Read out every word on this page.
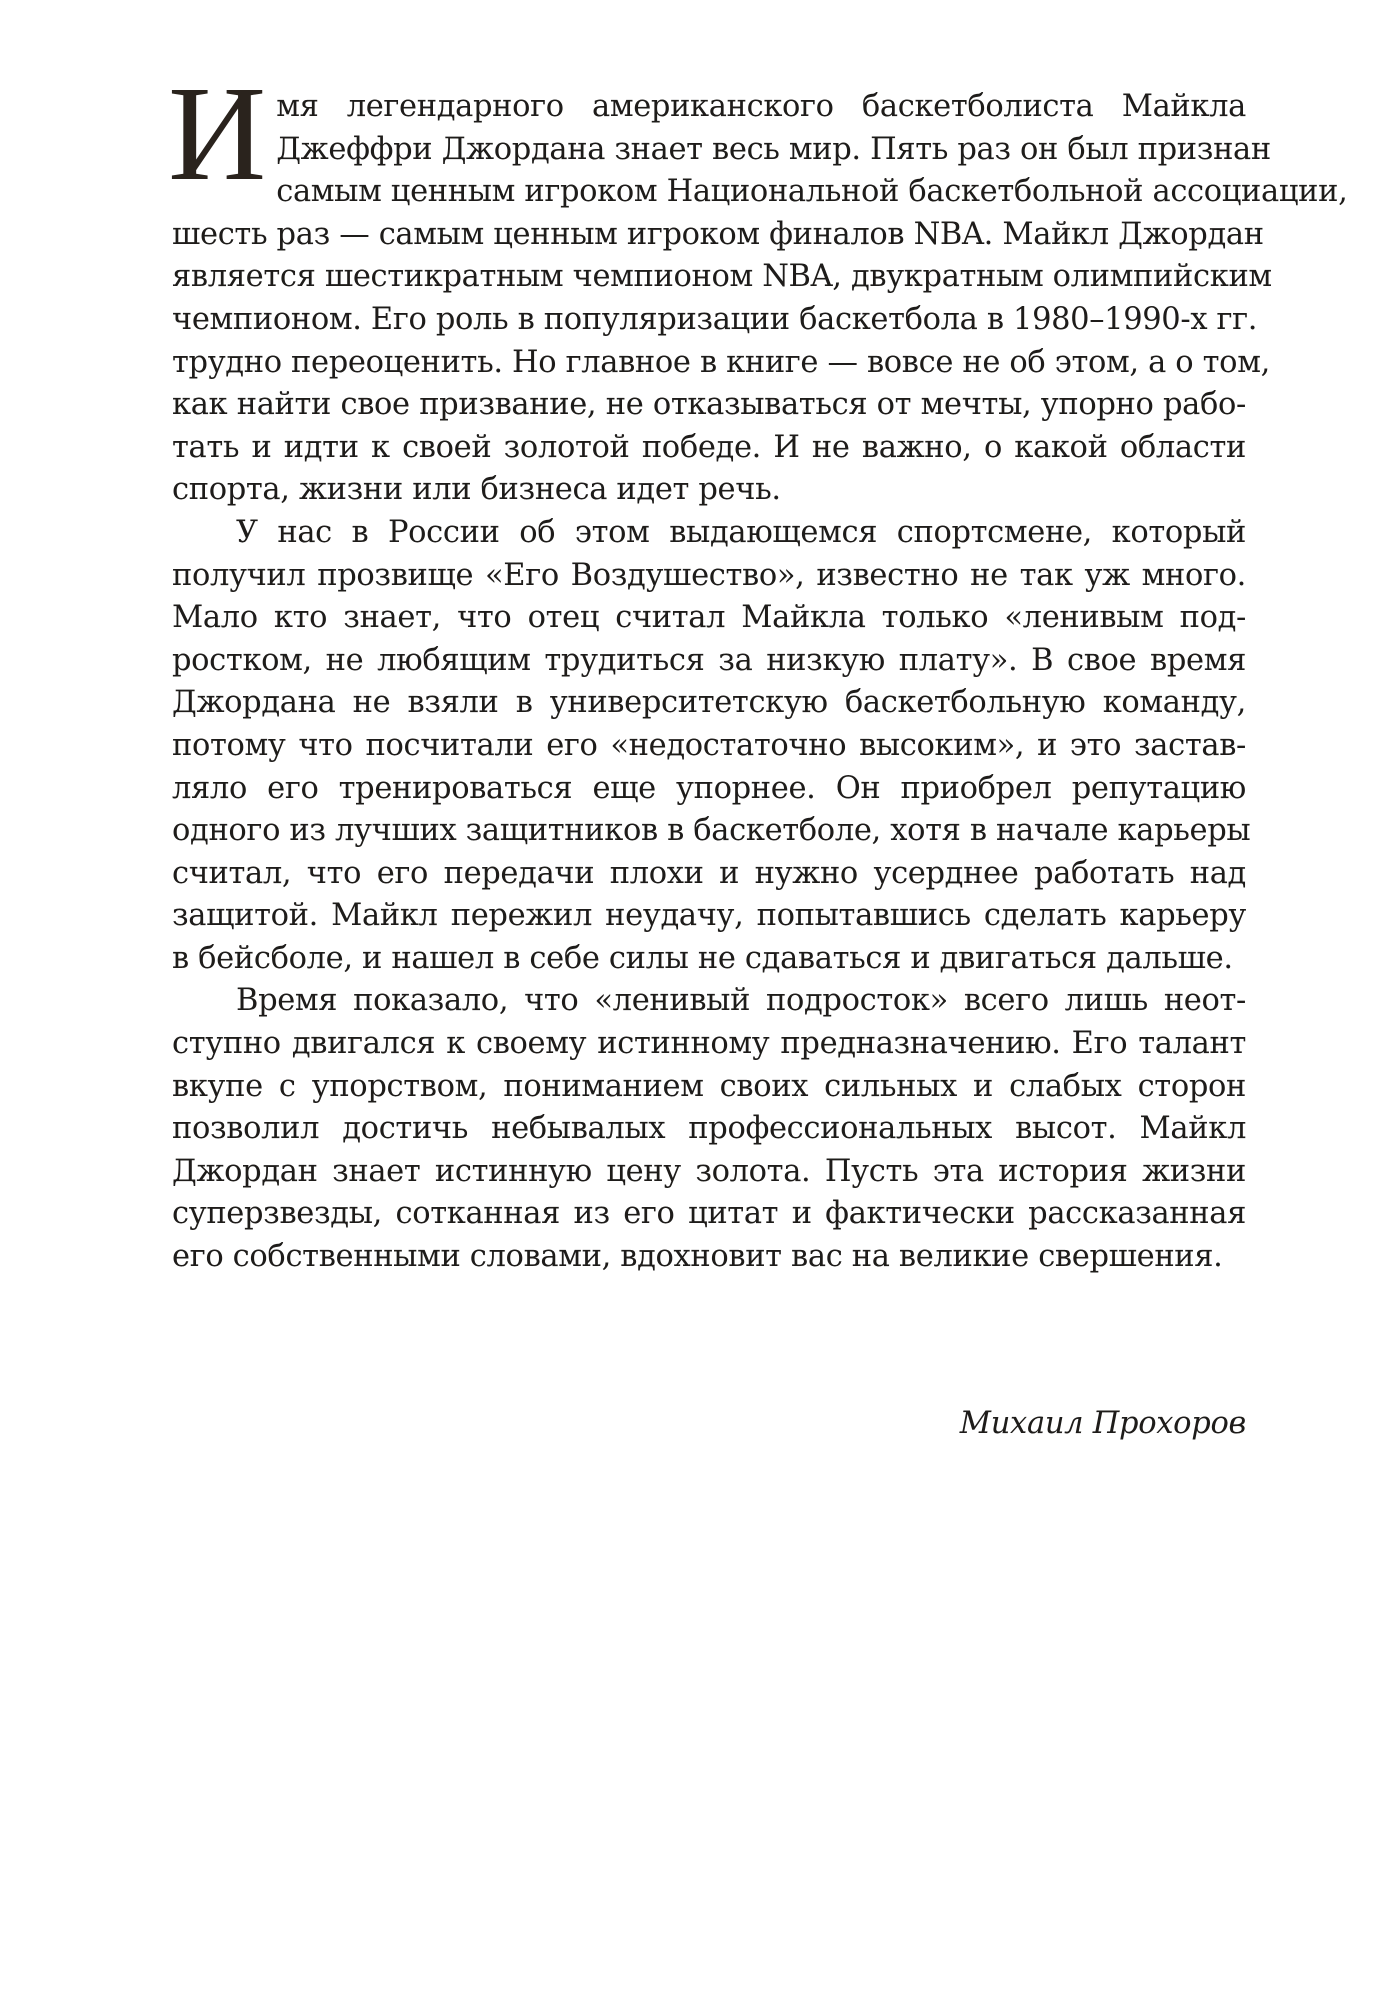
И мя легендарного американского баскетболиста Майкла
Джеффри Джордана знает весь мир. Пять раз он был признан
самым ценным игроком Национальной баскетбольной ассоциации,
шесть раз — самым ценным игроком финалов NBA. Майкл Джордан
является шестикратным чемпионом NBA, двукратным олимпийским
чемпионом. Его роль в популяризации баскетбола в 1980–1990-х гг.
трудно переоценить. Но главное в книге — вовсе не об этом, а о том,
как найти свое призвание, не отказываться от мечты, упорно рабо-
тать и идти к своей золотой победе. И не важно, о какой области
спорта, жизни или бизнеса идет речь.
У нас в России об этом выдающемся спортсмене, который
получил прозвище «Его Воздушество», известно не так уж много.
Мало кто знает, что отец считал Майкла только «ленивым под-
ростком, не любящим трудиться за низкую плату». В свое время
Джордана не взяли в университетскую баскетбольную команду,
потому что посчитали его «недостаточно высоким», и это застав-
ляло его тренироваться еще упорнее. Он приобрел репутацию
одного из лучших защитников в баскетболе, хотя в начале карьеры
считал, что его передачи плохи и нужно усерднее работать над
защитой. Майкл пережил неудачу, попытавшись сделать карьеру
в бейсболе, и нашел в себе силы не сдаваться и двигаться дальше.
Время показало, что «ленивый подросток» всего лишь неот-
ступно двигался к своему истинному предназначению. Его талант
вкупе с упорством, пониманием своих сильных и слабых сторон
позволил достичь небывалых профессиональных высот. Майкл
Джордан знает истинную цену золота. Пусть эта история жизни
суперзвезды, сотканная из его цитат и фактически рассказанная
его собственными словами, вдохновит вас на великие свершения.
Михаил Прохоров
